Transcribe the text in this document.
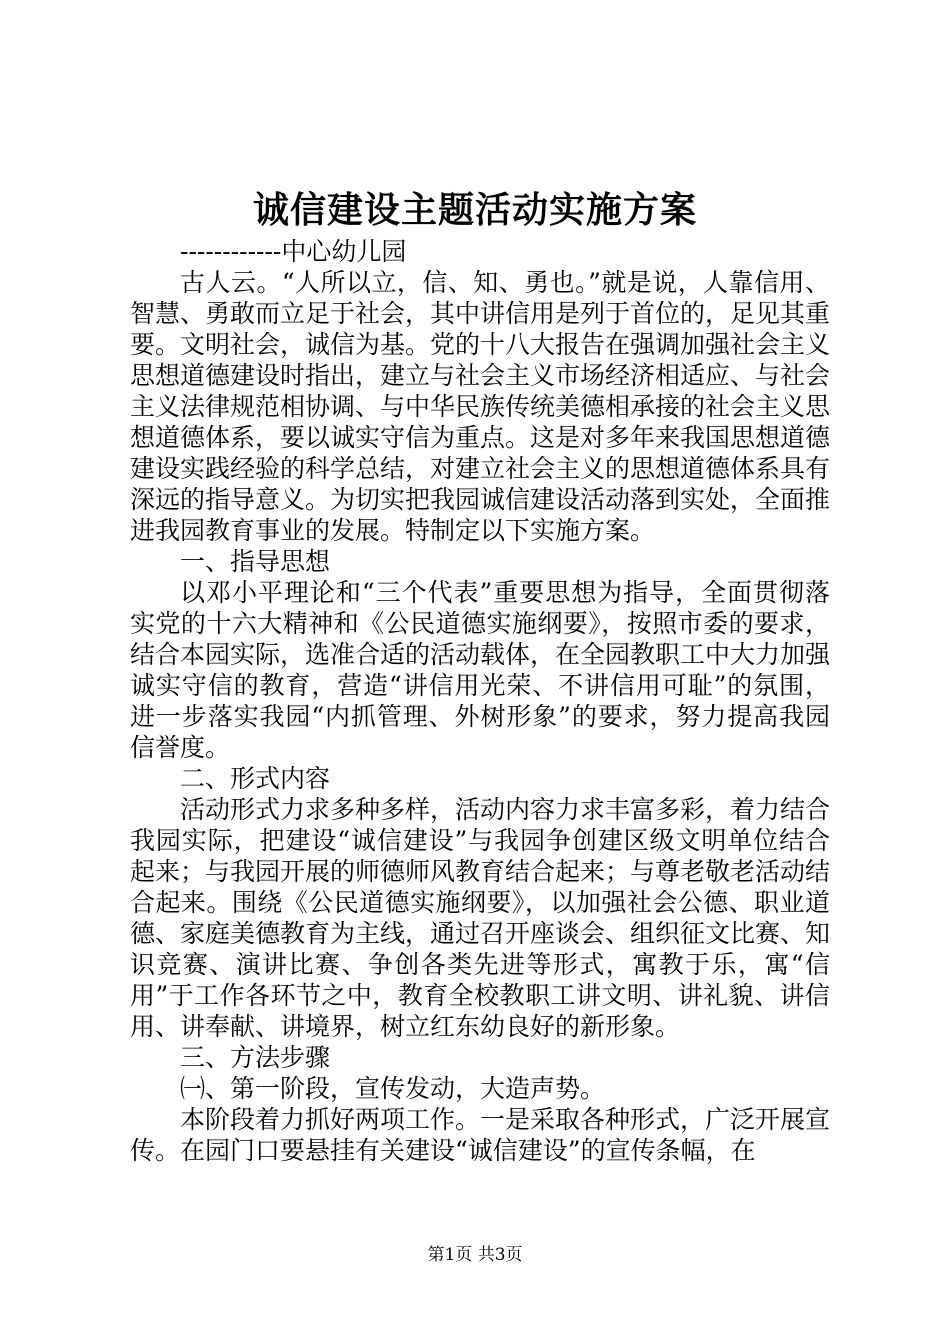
诚信建设主题活动实施方案

------------中心幼儿园

古人云。“人所以立，信、知、勇也。”就是说，人靠信用、智慧、勇敢而立足于社会，其中讲信用是列于首位的，足见其重要。文明社会，诚信为基。党的十八大报告在强调加强社会主义思想道德建设时指出，建立与社会主义市场经济相适应、与社会主义法律规范相协调、与中华民族传统美德相承接的社会主义思想道德体系，要以诚实守信为重点。这是对多年来我国思想道德建设实践经验的科学总结，对建立社会主义的思想道德体系具有深远的指导意义。为切实把我园诚信建设活动落到实处，全面推进我园教育事业的发展。特制定以下实施方案。

一、指导思想

以邓小平理论和“三个代表”重要思想为指导，全面贯彻落实党的十六大精神和《公民道德实施纲要》，按照市委的要求，结合本园实际，选准合适的活动载体，在全园教职工中大力加强诚实守信的教育，营造“讲信用光荣、不讲信用可耻”的氛围，进一步落实我园“内抓管理、外树形象”的要求，努力提高我园信誉度。

二、形式内容

活动形式力求多种多样，活动内容力求丰富多彩，着力结合我园实际，把建设“诚信建设”与我园争创建区级文明单位结合起来；与我园开展的师德师风教育结合起来；与尊老敬老活动结合起来。围绕《公民道德实施纲要》，以加强社会公德、职业道德、家庭美德教育为主线，通过召开座谈会、组织征文比赛、知识竞赛、演讲比赛、争创各类先进等形式，寓教于乐，寓“信用”于工作各环节之中，教育全校教职工讲文明、讲礼貌、讲信用、讲奉献、讲境界，树立红东幼良好的新形象。

三、方法步骤

㈠、第一阶段，宣传发动，大造声势。

本阶段着力抓好两项工作。一是采取各种形式，广泛开展宣传。在园门口要悬挂有关建设“诚信建设”的宣传条幅，在

第1页 共3页
